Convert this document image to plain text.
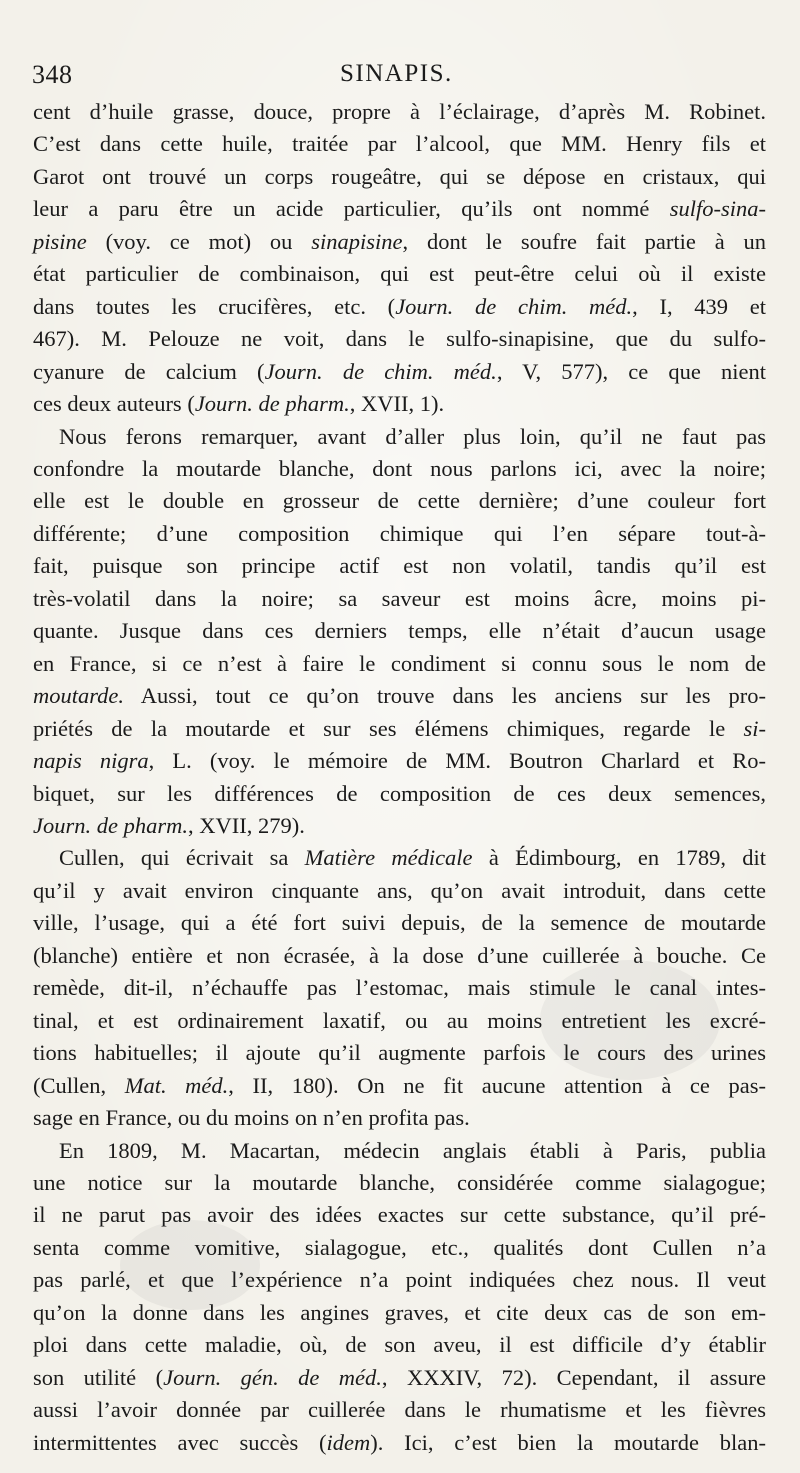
348	SINAPIS.
cent d’huile grasse, douce, propre à l’éclairage, d’après M. Robinet.
C’est dans cette huile, traitée par l’alcool, que MM. Henry fils et
Garot ont trouvé un corps rougeâtre, qui se dépose en cristaux, qui
leur a paru être un acide particulier, qu’ils ont nommé sulfo-sina-
pisine (voy. ce mot) ou sinapisine, dont le soufre fait partie à un
état particulier de combinaison, qui est peut-être celui où il existe
dans toutes les crucifères, etc. (Journ. de chim. méd., I, 439 et
467). M. Pelouze ne voit, dans le sulfo-sinapisine, que du sulfo-
cyanure de calcium (Journ. de chim. méd., V, 577), ce que nient
ces deux auteurs (Journ. de pharm., XVII, 1).
Nous ferons remarquer, avant d’aller plus loin, qu’il ne faut pas
confondre la moutarde blanche, dont nous parlons ici, avec la noire;
elle est le double en grosseur de cette dernière; d’une couleur fort
différente; d’une composition chimique qui l’en sépare tout-à-
fait, puisque son principe actif est non volatil, tandis qu’il est
très-volatil dans la noire; sa saveur est moins âcre, moins pi-
quante. Jusque dans ces derniers temps, elle n’était d’aucun usage
en France, si ce n’est à faire le condiment si connu sous le nom de
moutarde. Aussi, tout ce qu’on trouve dans les anciens sur les pro-
priétés de la moutarde et sur ses élémens chimiques, regarde le si-
napis nigra, L. (voy. le mémoire de MM. Boutron Charlard et Ro-
biquet, sur les différences de composition de ces deux semences,
Journ. de pharm., XVII, 279).
Cullen, qui écrivait sa Matière médicale à Édimbourg, en 1789, dit
qu’il y avait environ cinquante ans, qu’on avait introduit, dans cette
ville, l’usage, qui a été fort suivi depuis, de la semence de moutarde
(blanche) entière et non écrasée, à la dose d’une cuillerée à bouche. Ce
remède, dit-il, n’échauffe pas l’estomac, mais stimule le canal intes-
tinal, et est ordinairement laxatif, ou au moins entretient les excré-
tions habituelles; il ajoute qu’il augmente parfois le cours des urines
(Cullen, Mat. méd., II, 180). On ne fit aucune attention à ce pas-
sage en France, ou du moins on n’en profita pas.
En 1809, M. Macartan, médecin anglais établi à Paris, publia
une notice sur la moutarde blanche, considérée comme sialagogue;
il ne parut pas avoir des idées exactes sur cette substance, qu’il pré-
senta comme vomitive, sialagogue, etc., qualités dont Cullen n’a
pas parlé, et que l’expérience n’a point indiquées chez nous. Il veut
qu’on la donne dans les angines graves, et cite deux cas de son em-
ploi dans cette maladie, où, de son aveu, il est difficile d’y établir
son utilité (Journ. gén. de méd., XXXIV, 72). Cependant, il assure
aussi l’avoir donnée par cuillerée dans le rhumatisme et les fièvres
intermittentes avec succès (idem). Ici, c’est bien la moutarde blan-
